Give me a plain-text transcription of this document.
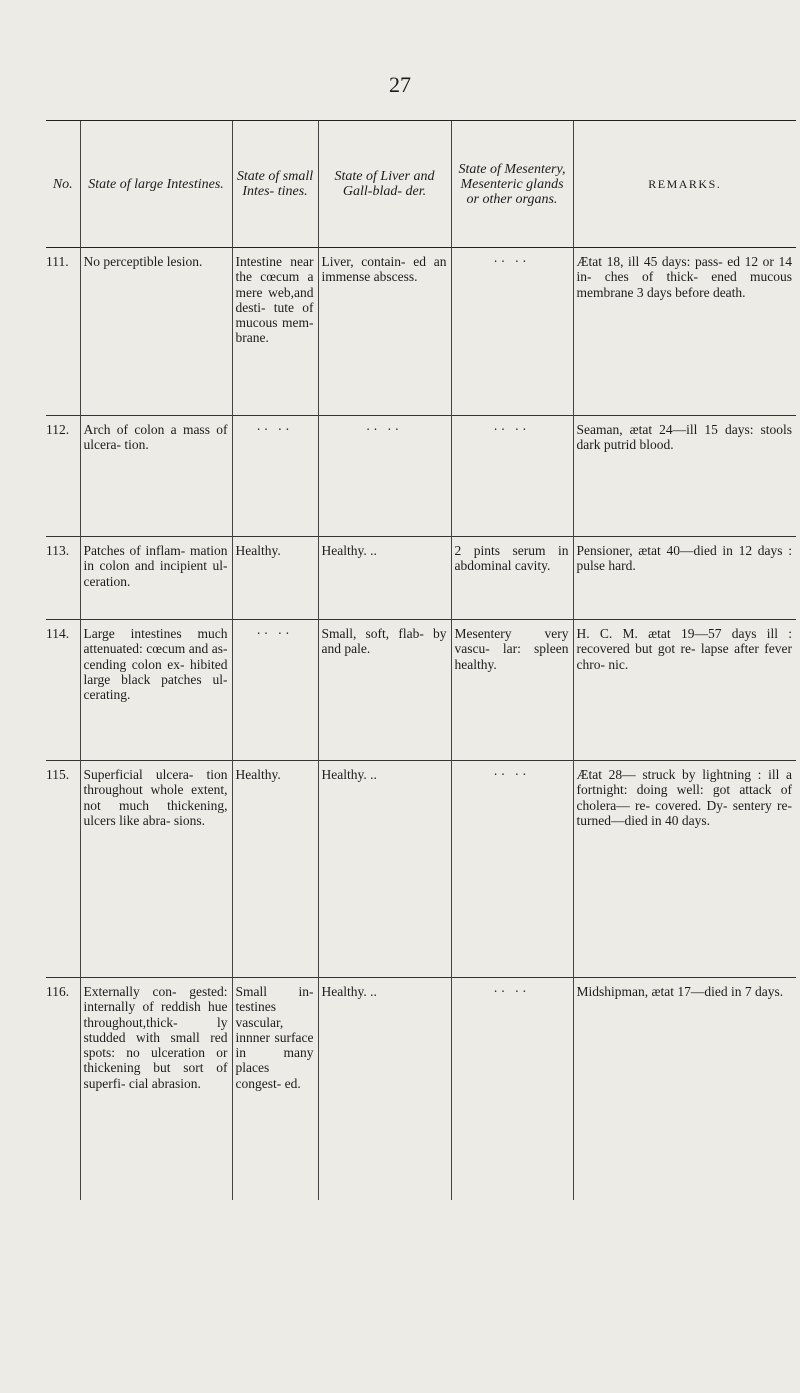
27
No.	State of large Intestines.	State of small Intes- tines.	State of Liver and Gall-blad- der.	State of Mesentery, Mesenteric glands or other organs.	REMARKS.
111.	No perceptible lesion.	Intestine near the cœcum a mere web,and desti- tute of mucous mem- brane.	Liver, contain- ed an immense abscess.	·· ··	Ætat 18, ill 45 days: pass- ed 12 or 14 in- ches of thick- ened mucous membrane 3 days before death.
112.	Arch of colon a mass of ulcera- tion.	·· ··	·· ··	·· ··	Seaman, ætat 24—ill 15 days: stools dark putrid blood.
113.	Patches of inflam- mation in colon and incipient ul- ceration.	Healthy.	Healthy. ..	2 pints serum in abdominal cavity.	Pensioner, ætat 40—died in 12 days : pulse hard.
114.	Large intestines much attenuated: cœcum and as- cending colon ex- hibited large black patches ul- cerating.	·· ··	Small, soft, flab- by and pale.	Mesentery very vascu- lar: spleen healthy.	H. C. M. ætat 19—57 days ill : recovered but got re- lapse after fever chro- nic.
115.	Superficial ulcera- tion throughout whole extent, not much thickening, ulcers like abra- sions.	Healthy.	Healthy. ..	·· ··	Ætat 28— struck by lightning : ill a fortnight: doing well: got attack of cholera— re- covered. Dy- sentery re- turned—died in 40 days.
116.	Externally con- gested: internally of reddish hue throughout,thick- ly studded with small red spots: no ulceration or thickening but sort of superfi- cial abrasion.	Small in- testines vascular, innner surface in many places congest- ed.	Healthy. ..	·· ··	Midshipman, ætat 17—died in 7 days.
